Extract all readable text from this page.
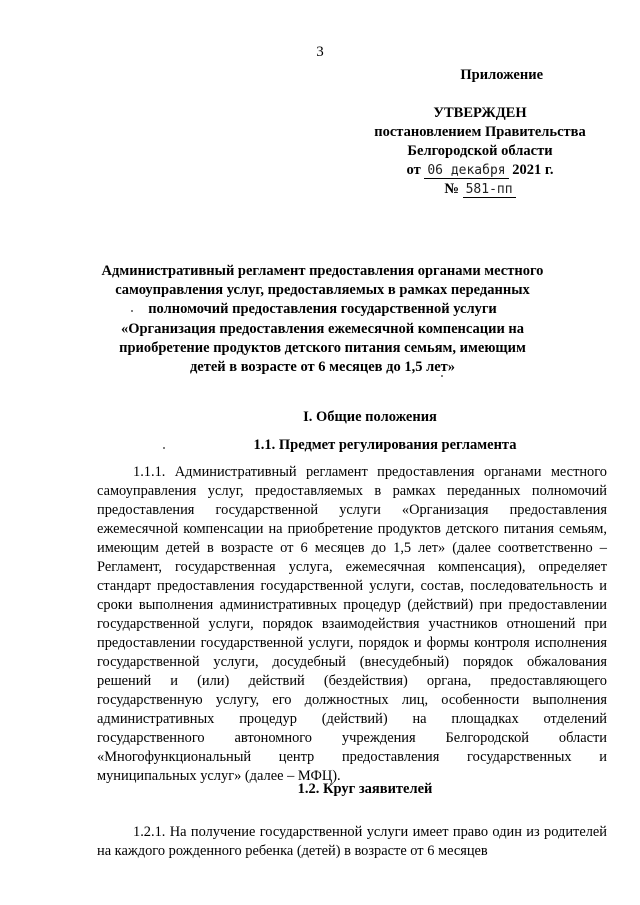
3
Приложение
УТВЕРЖДЕН
постановлением Правительства
Белгородской области
от 06 декабря 2021 г.
№ 581-пп
Административный регламент предоставления органами местного самоуправления услуг, предоставляемых в рамках переданных полномочий предоставления государственной услуги «Организация предоставления ежемесячной компенсации на приобретение продуктов детского питания семьям, имеющим детей в возрасте от 6 месяцев до 1,5 лет»
I. Общие положения
1.1. Предмет регулирования регламента
1.1.1. Административный регламент предоставления органами местного самоуправления услуг, предоставляемых в рамках переданных полномочий предоставления государственной услуги «Организация предоставления ежемесячной компенсации на приобретение продуктов детского питания семьям, имеющим детей в возрасте от 6 месяцев до 1,5 лет» (далее соответственно – Регламент, государственная услуга, ежемесячная компенсация), определяет стандарт предоставления государственной услуги, состав, последовательность и сроки выполнения административных процедур (действий) при предоставлении государственной услуги, порядок взаимодействия участников отношений при предоставлении государственной услуги, порядок и формы контроля исполнения государственной услуги, досудебный (внесудебный) порядок обжалования решений и (или) действий (бездействия) органа, предоставляющего государственную услугу, его должностных лиц, особенности выполнения административных процедур (действий) на площадках отделений государственного автономного учреждения Белгородской области «Многофункциональный центр предоставления государственных и муниципальных услуг» (далее – МФЦ).
1.2. Круг заявителей
1.2.1. На получение государственной услуги имеет право один из родителей на каждого рожденного ребенка (детей) в возрасте от 6 месяцев
